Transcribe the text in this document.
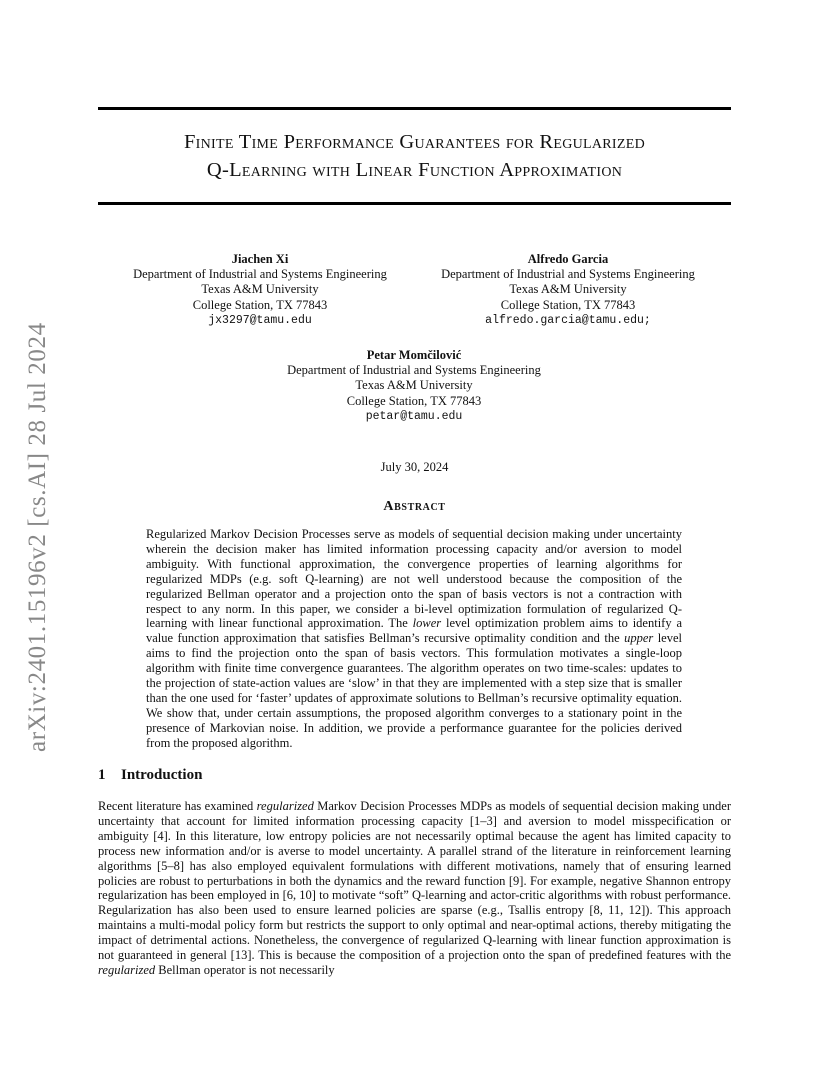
arXiv:2401.15196v2 [cs.AI] 28 Jul 2024
Finite Time Performance Guarantees for Regularized
Q-Learning with Linear Function Approximation
Jiachen Xi
Department of Industrial and Systems Engineering
Texas A&M University
College Station, TX 77843
jx3297@tamu.edu
Alfredo Garcia
Department of Industrial and Systems Engineering
Texas A&M University
College Station, TX 77843
alfredo.garcia@tamu.edu;
Petar Momčilović
Department of Industrial and Systems Engineering
Texas A&M University
College Station, TX 77843
petar@tamu.edu
July 30, 2024
Abstract
Regularized Markov Decision Processes serve as models of sequential decision making under uncertainty wherein the decision maker has limited information processing capacity and/or aversion to model ambiguity. With functional approximation, the convergence properties of learning algorithms for regularized MDPs (e.g. soft Q-learning) are not well understood because the composition of the regularized Bellman operator and a projection onto the span of basis vectors is not a contraction with respect to any norm. In this paper, we consider a bi-level optimization formulation of regularized Q-learning with linear functional approximation. The lower level optimization problem aims to identify a value function approximation that satisfies Bellman’s recursive optimality condition and the upper level aims to find the projection onto the span of basis vectors. This formulation motivates a single-loop algorithm with finite time convergence guarantees. The algorithm operates on two time-scales: updates to the projection of state-action values are ‘slow’ in that they are implemented with a step size that is smaller than the one used for ‘faster’ updates of approximate solutions to Bellman’s recursive optimality equation. We show that, under certain assumptions, the proposed algorithm converges to a stationary point in the presence of Markovian noise. In addition, we provide a performance guarantee for the policies derived from the proposed algorithm.
1 Introduction
Recent literature has examined regularized Markov Decision Processes MDPs as models of sequential decision making under uncertainty that account for limited information processing capacity [1–3] and aversion to model misspecification or ambiguity [4]. In this literature, low entropy policies are not necessarily optimal because the agent has limited capacity to process new information and/or is averse to model uncertainty. A parallel strand of the literature in reinforcement learning algorithms [5–8] has also employed equivalent formulations with different motivations, namely that of ensuring learned policies are robust to perturbations in both the dynamics and the reward function [9]. For example, negative Shannon entropy regularization has been employed in [6, 10] to motivate “soft” Q-learning and actor-critic algorithms with robust performance. Regularization has also been used to ensure learned policies are sparse (e.g., Tsallis entropy [8, 11, 12]). This approach maintains a multi-modal policy form but restricts the support to only optimal and near-optimal actions, thereby mitigating the impact of detrimental actions. Nonetheless, the convergence of regularized Q-learning with linear function approximation is not guaranteed in general [13]. This is because the composition of a projection onto the span of predefined features with the regularized Bellman operator is not necessarily
